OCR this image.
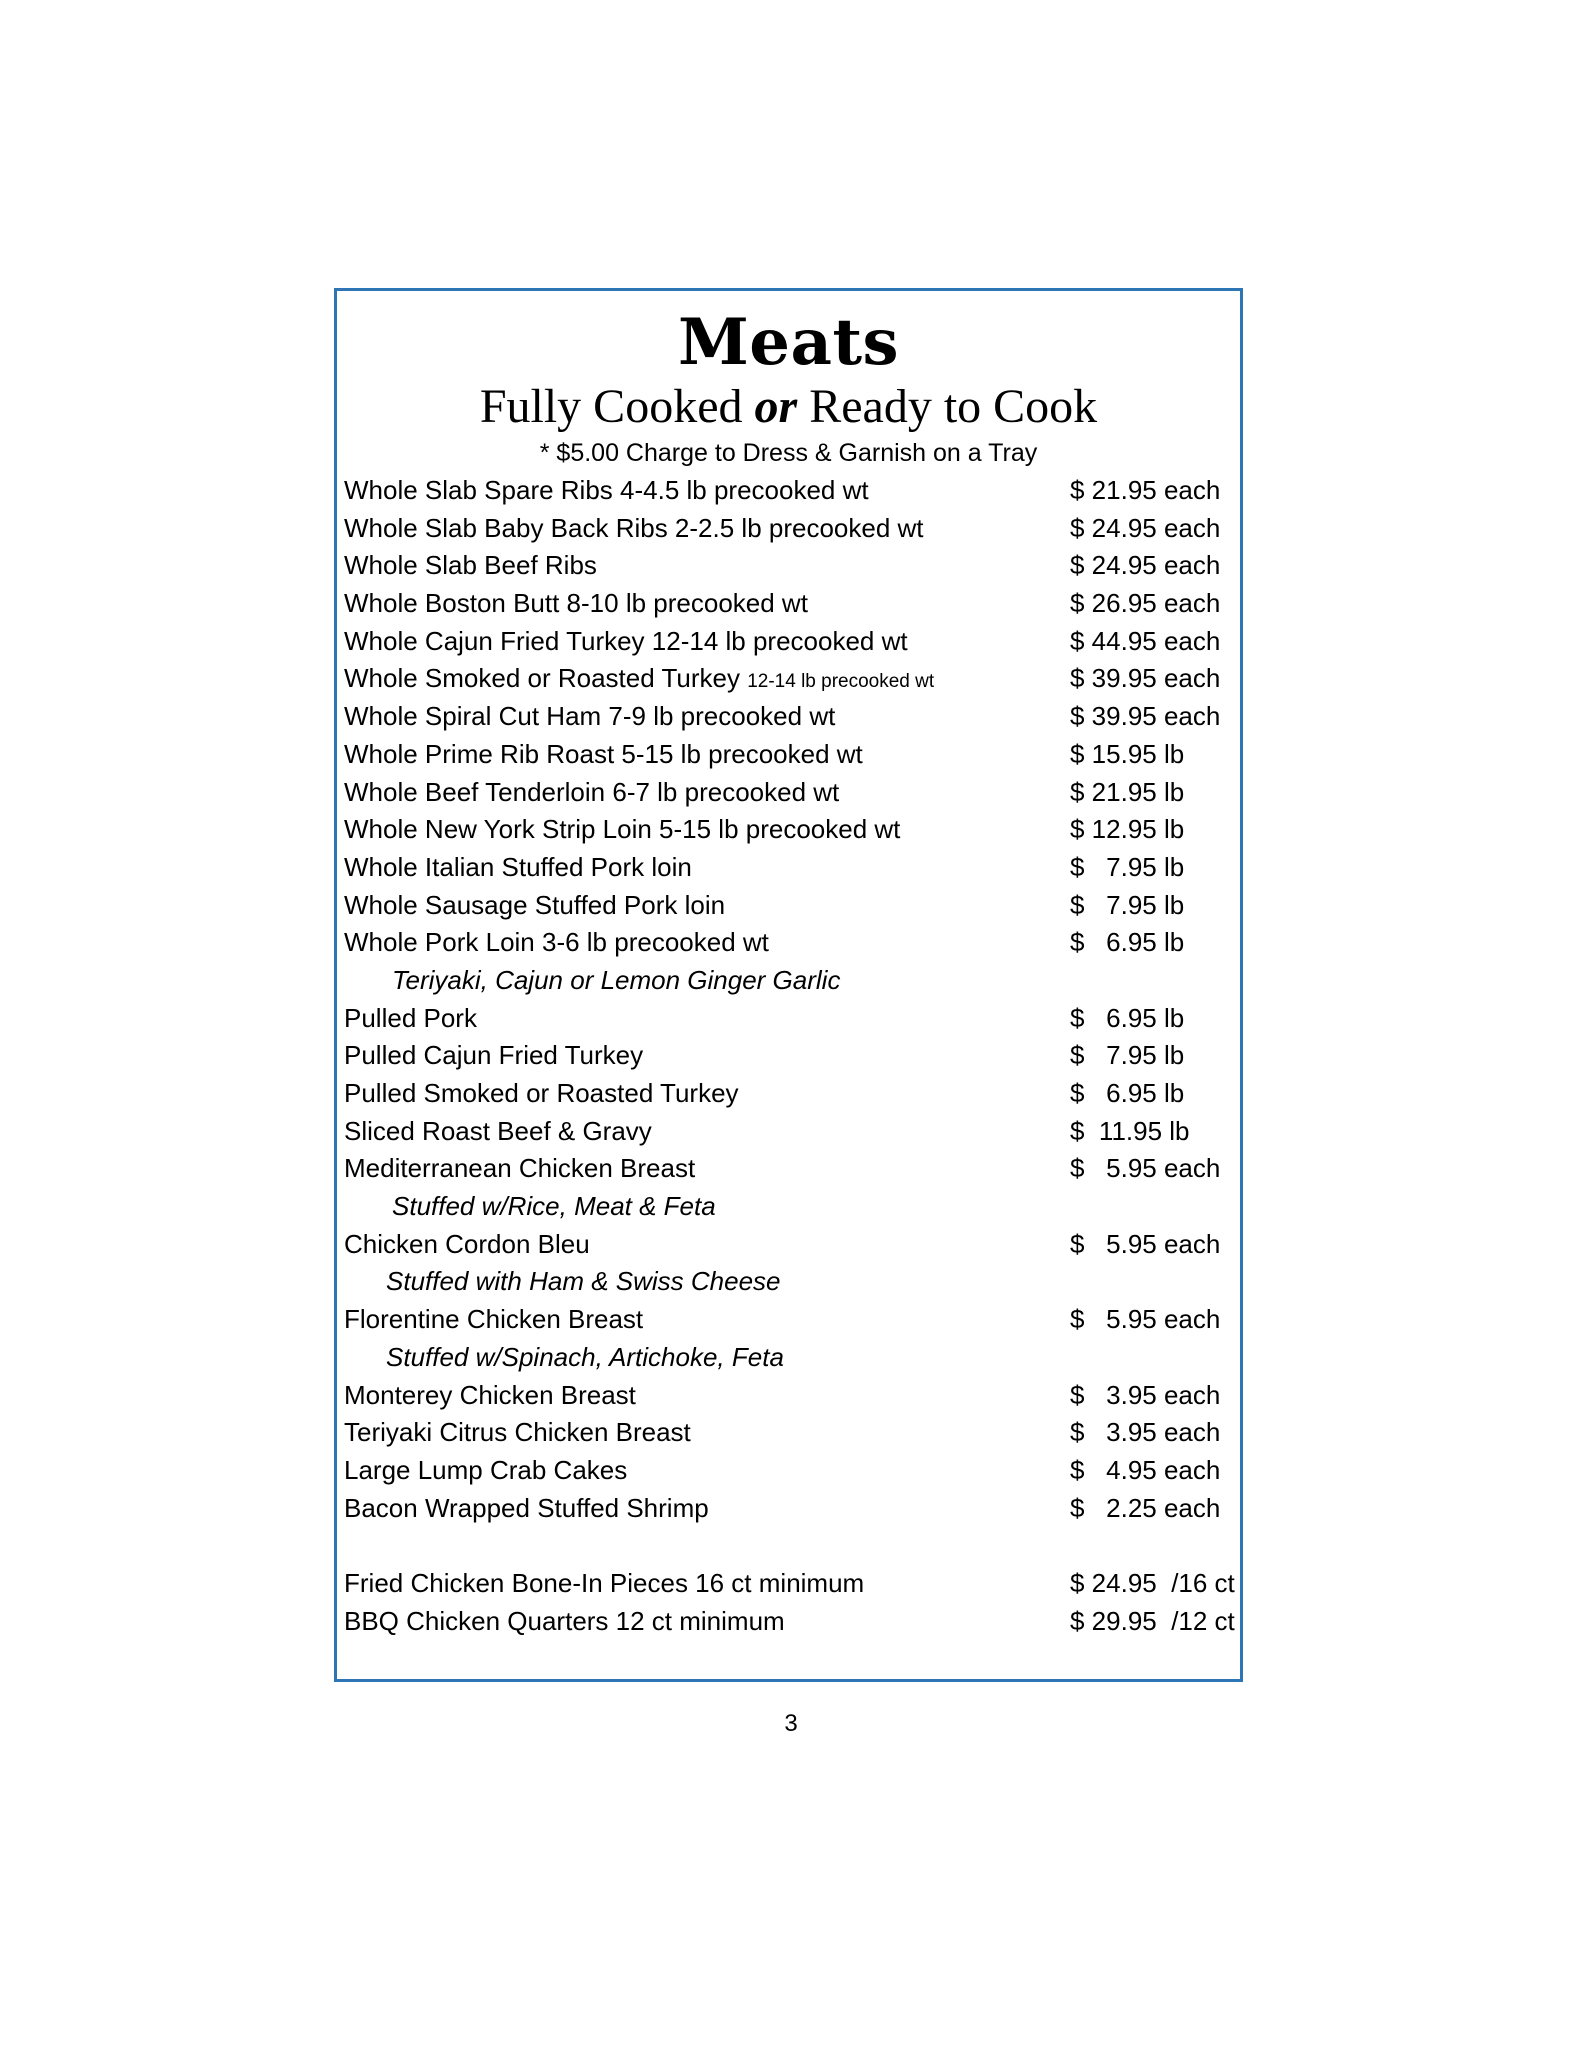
Meats
Fully Cooked or Ready to Cook
* $5.00 Charge to Dress & Garnish on a Tray
Whole Slab Spare Ribs 4-4.5 lb precooked wt	$ 21.95 each
Whole Slab Baby Back Ribs 2-2.5 lb precooked wt	$ 24.95 each
Whole Slab Beef Ribs	$ 24.95 each
Whole Boston Butt 8-10 lb precooked wt	$ 26.95 each
Whole Cajun Fried Turkey 12-14 lb precooked wt	$ 44.95 each
Whole Smoked or Roasted Turkey 12-14 lb precooked wt	$ 39.95 each
Whole Spiral Cut Ham 7-9 lb precooked wt	$ 39.95 each
Whole Prime Rib Roast 5-15 lb precooked wt	$ 15.95 lb
Whole Beef Tenderloin 6-7 lb precooked wt	$ 21.95 lb
Whole New York Strip Loin 5-15 lb precooked wt	$ 12.95 lb
Whole Italian Stuffed Pork loin	$   7.95 lb
Whole Sausage Stuffed Pork loin	$   7.95 lb
Whole Pork Loin 3-6 lb precooked wt	$   6.95 lb
Teriyaki, Cajun or Lemon Ginger Garlic
Pulled Pork	$   6.95 lb
Pulled Cajun Fried Turkey	$   7.95 lb
Pulled Smoked or Roasted Turkey	$   6.95 lb
Sliced Roast Beef & Gravy	$  11.95 lb
Mediterranean Chicken Breast	$   5.95 each
Stuffed w/Rice, Meat & Feta
Chicken Cordon Bleu	$   5.95 each
Stuffed with Ham & Swiss Cheese
Florentine Chicken Breast	$   5.95 each
Stuffed w/Spinach, Artichoke, Feta
Monterey Chicken Breast	$   3.95 each
Teriyaki Citrus Chicken Breast	$   3.95 each
Large Lump Crab Cakes	$   4.95 each
Bacon Wrapped Stuffed Shrimp	$   2.25 each
Fried Chicken Bone-In Pieces 16 ct minimum	$ 24.95  /16 ct
BBQ Chicken Quarters 12 ct minimum	$ 29.95  /12 ct
3
